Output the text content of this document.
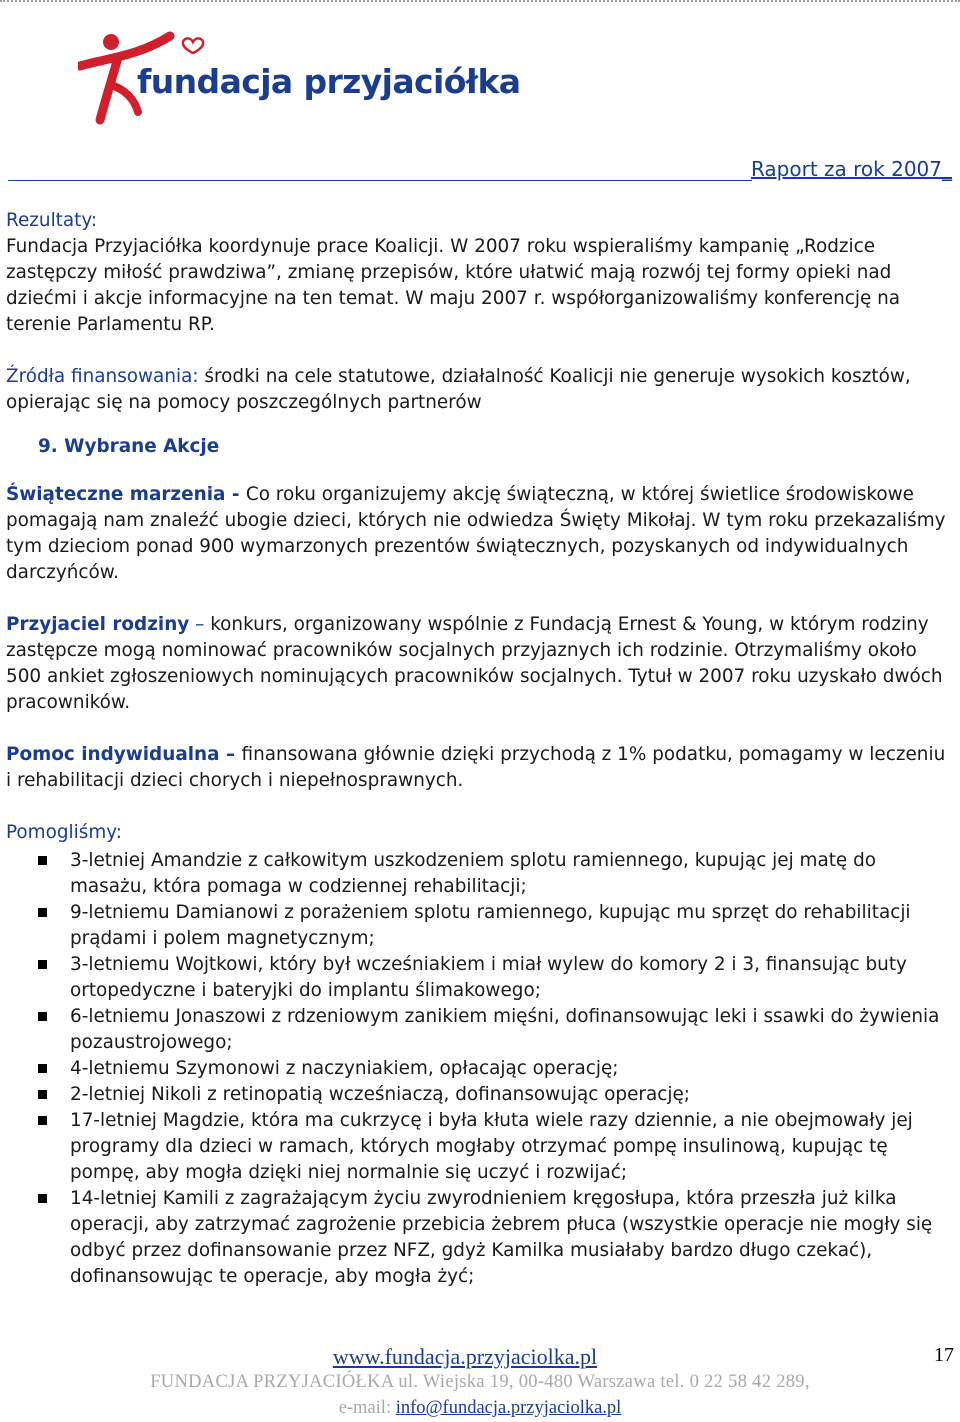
fundacja przyjaciółka
Raport za rok 2007_

Rezultaty:

Fundacja Przyjaciółka koordynuje prace Koalicji. W 2007 roku wspieraliśmy kampanię „Rodzice zastępczy miłość prawdziwa”, zmianę przepisów, które ułatwić mają rozwój tej formy opieki nad dziećmi i akcje informacyjne na ten temat. W maju 2007 r. współorganizowaliśmy konferencję na terenie Parlamentu RP.

Źródła finansowania: środki na cele statutowe, działalność Koalicji nie generuje wysokich kosztów, opierając się na pomocy poszczególnych partnerów

9. Wybrane Akcje

Świąteczne marzenia - Co roku organizujemy akcję świąteczną, w której świetlice środowiskowe pomagają nam znaleźć ubogie dzieci, których nie odwiedza Święty Mikołaj. W tym roku przekazaliśmy tym dzieciom ponad 900 wymarzonych prezentów świątecznych, pozyskanych od indywidualnych darczyńców.

Przyjaciel rodziny – konkurs, organizowany wspólnie z Fundacją Ernest & Young, w którym rodziny zastępcze mogą nominować pracowników socjalnych przyjaznych ich rodzinie. Otrzymaliśmy około 500 ankiet zgłoszeniowych nominujących pracowników socjalnych. Tytuł w 2007 roku uzyskało dwóch pracowników.

Pomoc indywidualna – finansowana głównie dzięki przychodą z 1% podatku, pomagamy w leczeniu i rehabilitacji dzieci chorych i niepełnosprawnych.

Pomogliśmy:

3-letniej Amandzie z całkowitym uszkodzeniem splotu ramiennego, kupując jej matę do masażu, która pomaga w codziennej rehabilitacji;
9-letniemu Damianowi z porażeniem splotu ramiennego, kupując mu sprzęt do rehabilitacji prądami i polem magnetycznym;
3-letniemu Wojtkowi, który był wcześniakiem i miał wylew do komory 2 i 3, finansując buty ortopedyczne i bateryjki do implantu ślimakowego;
6-letniemu Jonaszowi z rdzeniowym zanikiem mięśni, dofinansowując leki i ssawki do żywienia pozaustrojowego;
4-letniemu Szymonowi z naczyniakiem, opłacając operację;
2-letniej Nikoli z retinopatią wcześniaczą, dofinansowując operację;
17-letniej Magdzie, która ma cukrzycę i była kłuta wiele razy dziennie, a nie obejmowały jej programy dla dzieci w ramach, których mogłaby otrzymać pompę insulinową, kupując tę pompę, aby mogła dzięki niej normalnie się uczyć i rozwijać;
14-letniej Kamili z zagrażającym życiu zwyrodnieniem kręgosłupa, która przeszła już kilka operacji, aby zatrzymać zagrożenie przebicia żebrem płuca (wszystkie operacje nie mogły się odbyć przez dofinansowanie przez NFZ, gdyż Kamilka musiałaby bardzo długo czekać), dofinansowując te operacje, aby mogła żyć;
www.fundacja.przyjaciolka.pl	17
FUNDACJA PRZYJACIÓŁKA ul. Wiejska 19, 00-480 Warszawa tel. 0 22 58 42 289,
e-mail: info@fundacja.przyjaciolka.pl
